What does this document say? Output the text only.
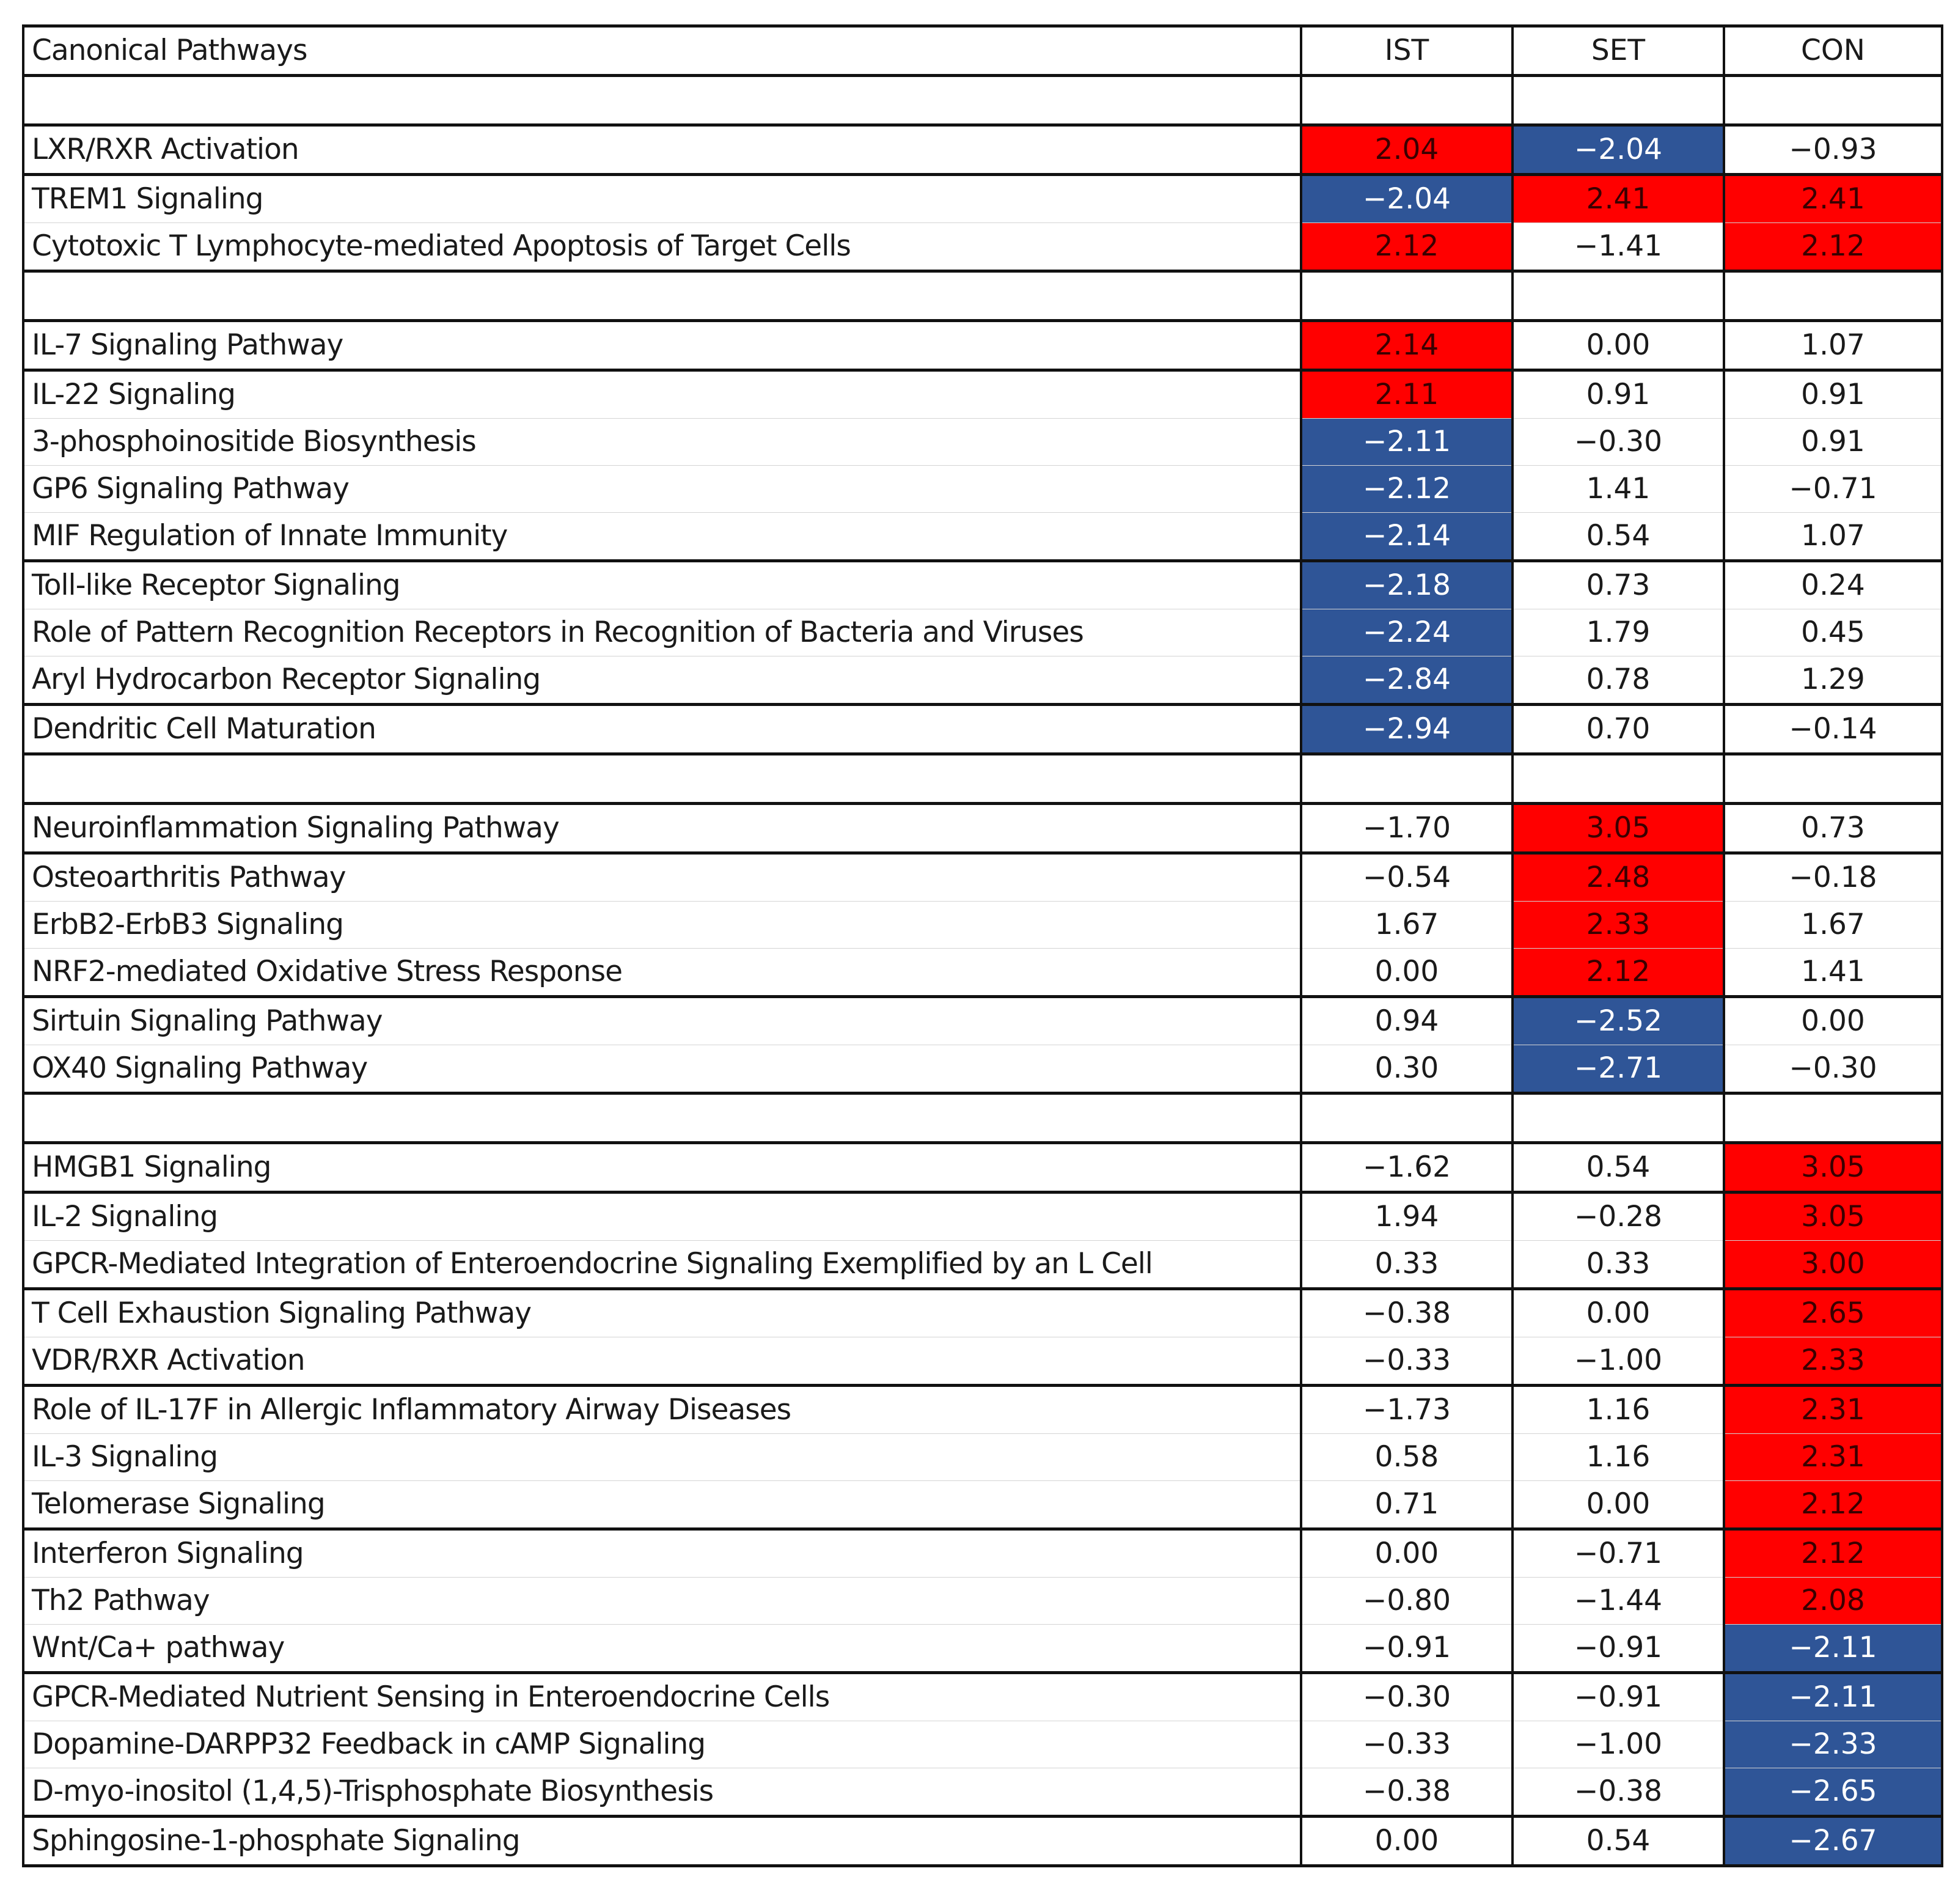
Canonical Pathways	IST	SET	CON

LXR/RXR Activation	2.04	−2.04	−0.93
TREM1 Signaling	−2.04	2.41	2.41
Cytotoxic T Lymphocyte-mediated Apoptosis of Target Cells	2.12	−1.41	2.12

IL-7 Signaling Pathway	2.14	0.00	1.07
IL-22 Signaling	2.11	0.91	0.91
3-phosphoinositide Biosynthesis	−2.11	−0.30	0.91
GP6 Signaling Pathway	−2.12	1.41	−0.71
MIF Regulation of Innate Immunity	−2.14	0.54	1.07
Toll-like Receptor Signaling	−2.18	0.73	0.24
Role of Pattern Recognition Receptors in Recognition of Bacteria and Viruses	−2.24	1.79	0.45
Aryl Hydrocarbon Receptor Signaling	−2.84	0.78	1.29
Dendritic Cell Maturation	−2.94	0.70	−0.14

Neuroinflammation Signaling Pathway	−1.70	3.05	0.73
Osteoarthritis Pathway	−0.54	2.48	−0.18
ErbB2-ErbB3 Signaling	1.67	2.33	1.67
NRF2-mediated Oxidative Stress Response	0.00	2.12	1.41
Sirtuin Signaling Pathway	0.94	−2.52	0.00
OX40 Signaling Pathway	0.30	−2.71	−0.30

HMGB1 Signaling	−1.62	0.54	3.05
IL-2 Signaling	1.94	−0.28	3.05
GPCR-Mediated Integration of Enteroendocrine Signaling Exemplified by an L Cell	0.33	0.33	3.00
T Cell Exhaustion Signaling Pathway	−0.38	0.00	2.65
VDR/RXR Activation	−0.33	−1.00	2.33
Role of IL-17F in Allergic Inflammatory Airway Diseases	−1.73	1.16	2.31
IL-3 Signaling	0.58	1.16	2.31
Telomerase Signaling	0.71	0.00	2.12
Interferon Signaling	0.00	−0.71	2.12
Th2 Pathway	−0.80	−1.44	2.08
Wnt/Ca+ pathway	−0.91	−0.91	−2.11
GPCR-Mediated Nutrient Sensing in Enteroendocrine Cells	−0.30	−0.91	−2.11
Dopamine-DARPP32 Feedback in cAMP Signaling	−0.33	−1.00	−2.33
D-myo-inositol (1,4,5)-Trisphosphate Biosynthesis	−0.38	−0.38	−2.65
Sphingosine-1-phosphate Signaling	0.00	0.54	−2.67
